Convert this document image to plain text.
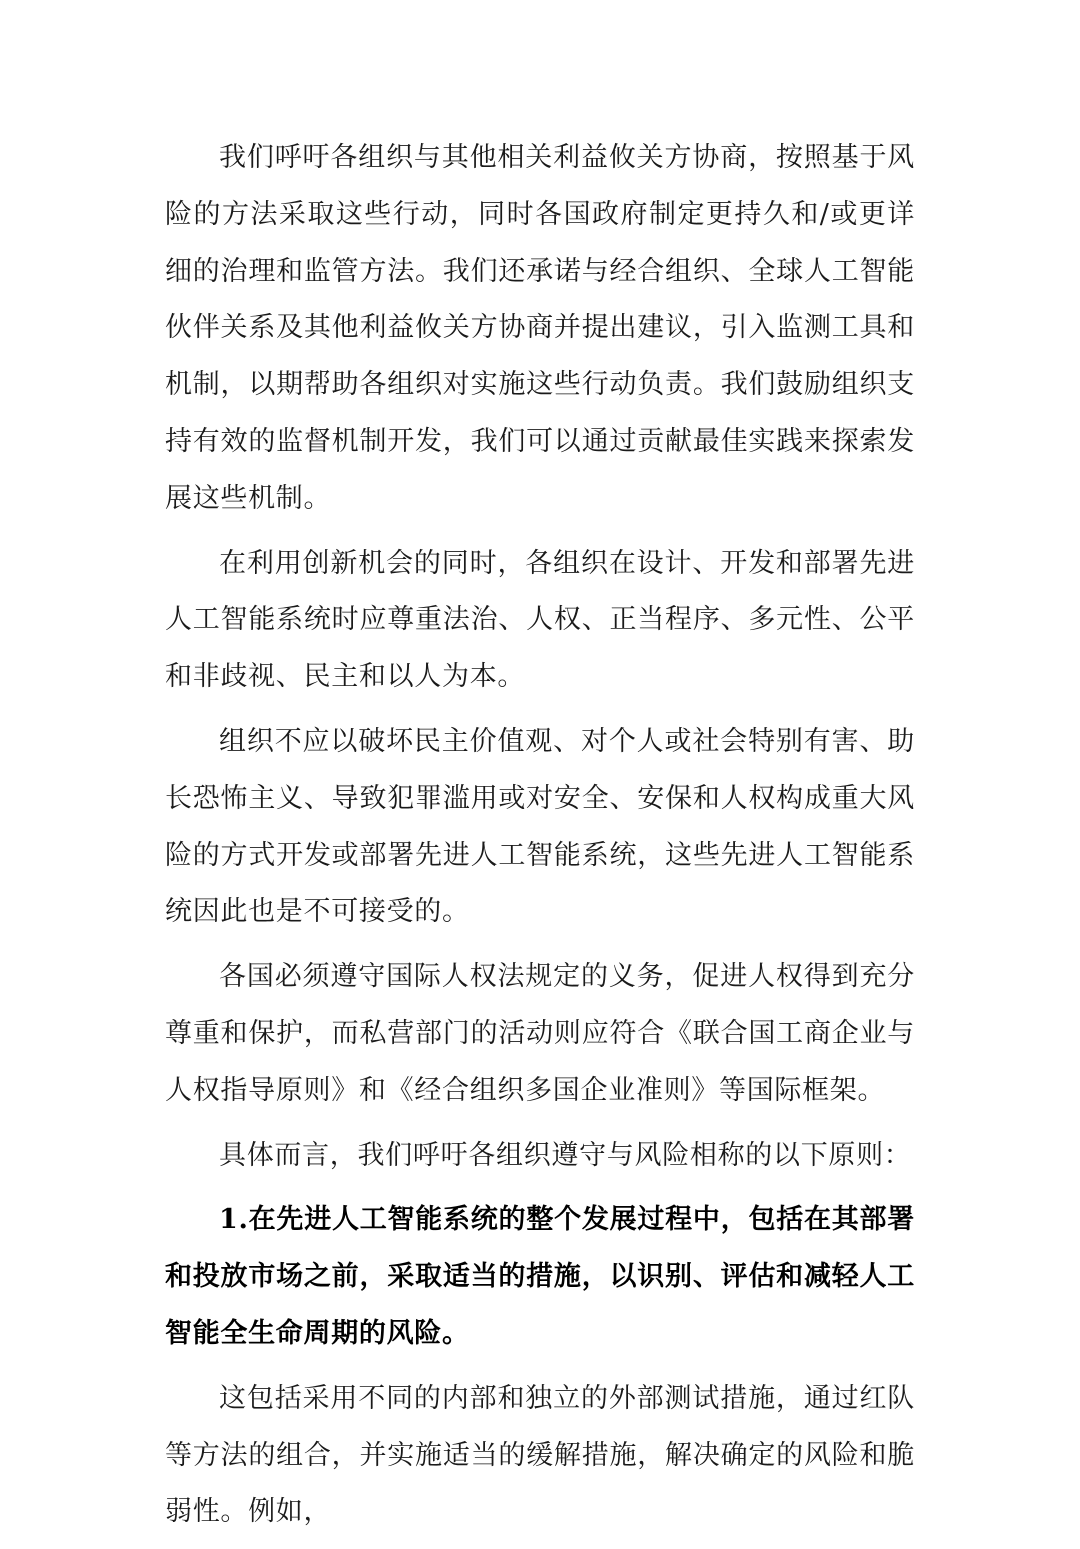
我们呼吁各组织与其他相关利益攸关方协商，按照基于风险的方法采取这些行动，同时各国政府制定更持久和/或更详细的治理和监管方法。我们还承诺与经合组织、全球人工智能伙伴关系及其他利益攸关方协商并提出建议，引入监测工具和机制，以期帮助各组织对实施这些行动负责。我们鼓励组织支持有效的监督机制开发，我们可以通过贡献最佳实践来探索发展这些机制。

在利用创新机会的同时，各组织在设计、开发和部署先进人工智能系统时应尊重法治、人权、正当程序、多元性、公平和非歧视、民主和以人为本。

组织不应以破坏民主价值观、对个人或社会特别有害、助长恐怖主义、导致犯罪滥用或对安全、安保和人权构成重大风险的方式开发或部署先进人工智能系统，这些先进人工智能系统因此也是不可接受的。

各国必须遵守国际人权法规定的义务，促进人权得到充分尊重和保护，而私营部门的活动则应符合《联合国工商企业与人权指导原则》和《经合组织多国企业准则》等国际框架。

具体而言，我们呼吁各组织遵守与风险相称的以下原则：

1.在先进人工智能系统的整个发展过程中，包括在其部署和投放市场之前，采取适当的措施，以识别、评估和减轻人工智能全生命周期的风险。

这包括采用不同的内部和独立的外部测试措施，通过红队等方法的组合，并实施适当的缓解措施，解决确定的风险和脆弱性。例如，
